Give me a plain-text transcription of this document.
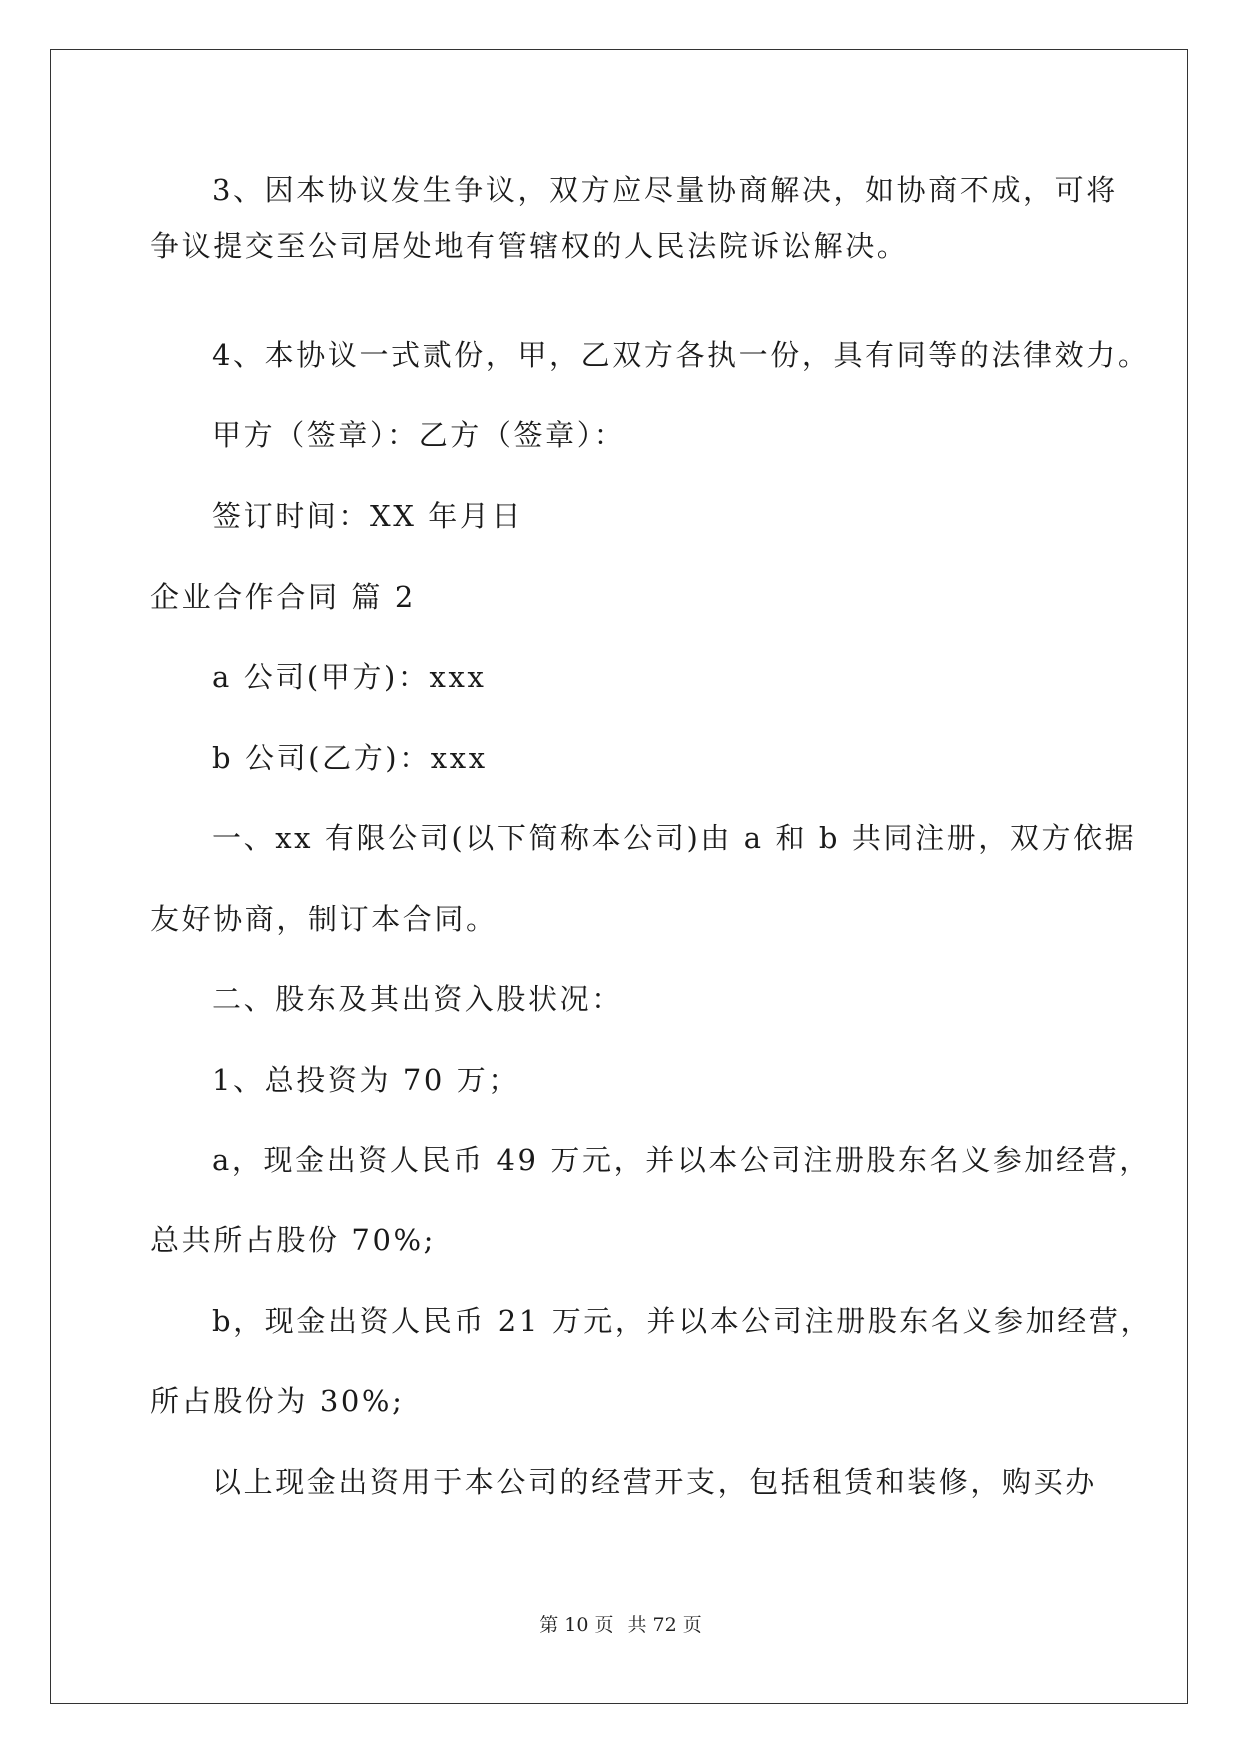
3、因本协议发生争议，双方应尽量协商解决，如协商不成，可将
争议提交至公司居处地有管辖权的人民法院诉讼解决。
4、本协议一式贰份，甲，乙双方各执一份，具有同等的法律效力。
甲方（签章）：乙方（签章）：
签订时间：XX 年月日
企业合作合同 篇 2
a 公司(甲方)：xxx
b 公司(乙方)：xxx
一、xx 有限公司(以下简称本公司)由 a 和 b 共同注册，双方依据
友好协商，制订本合同。
二、股东及其出资入股状况：
1、总投资为 70 万；
a，现金出资人民币 49 万元，并以本公司注册股东名义参加经营，
总共所占股份 70%;
b，现金出资人民币 21 万元，并以本公司注册股东名义参加经营，
所占股份为 30%;
以上现金出资用于本公司的经营开支，包括租赁和装修，购买办
第 10 页 共 72 页
